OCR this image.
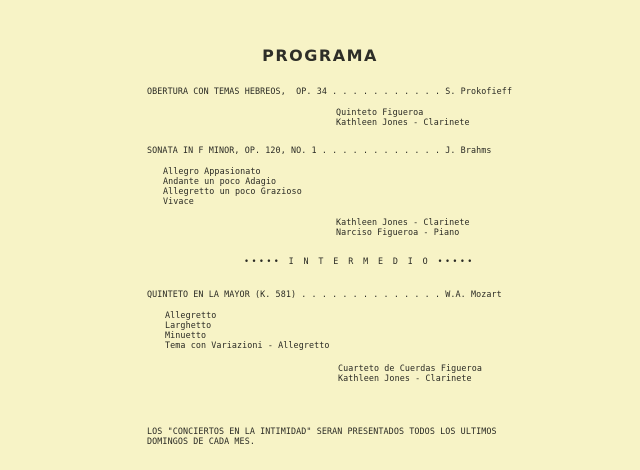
PROGRAMA
OBERTURA CON TEMAS HEBREOS,  OP. 34 . . . . . . . . . . . S. Prokofieff
Quinteto Figueroa
Kathleen Jones - Clarinete
SONATA IN F MINOR, OP. 120, NO. 1 . . . . . . . . . . . . J. Brahms
Allegro Appasionato
Andante un poco Adagio
Allegretto un poco Grazioso
Vivace
Kathleen Jones - Clarinete
Narciso Figueroa - Piano
••••• I N T E R M E D I O •••••
QUINTETO EN LA MAYOR (K. 581) . . . . . . . . . . . . . . W.A. Mozart
Allegretto
Larghetto
Minuetto
Tema con Variazioni - Allegretto
Cuarteto de Cuerdas Figueroa
Kathleen Jones - Clarinete
LOS "CONCIERTOS EN LA INTIMIDAD" SERAN PRESENTADOS TODOS LOS ULTIMOS
DOMINGOS DE CADA MES.
